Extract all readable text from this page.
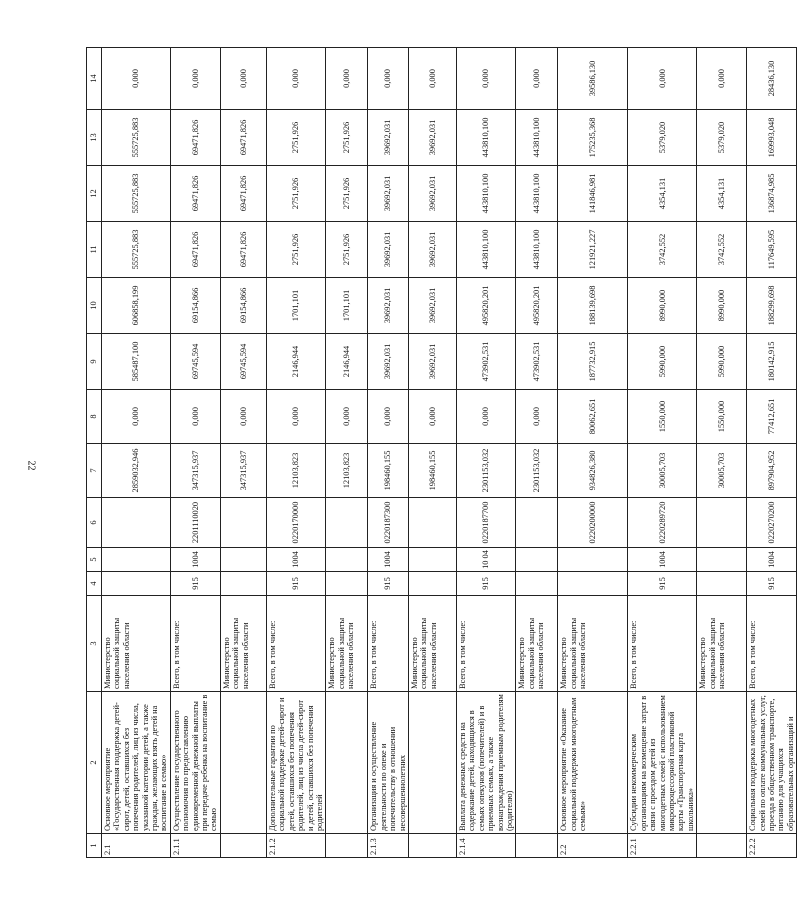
22
1	2	3	4	5	6	7	8	9	10	11	12	13	14
2.1	Основное мероприятие «Государственная поддержка детей-сирот, детей, оставшихся без попечения родителей, лиц из числа, указанной категории детей, а также граждан, желающих взять детей на воспитание в семью»	Министерство социальной защиты населения области				2859032,946	0,000	585487,100	606858,199	555725,883	555725,883	555725,883	0,000
2.1.1	Осуществление государственного полномочия по предоставлению единовременной денежной выплаты при передаче ребенка на воспитание в семью	Всего, в том числе:	915	1004	2201110020	347315,937	0,000	69745,594	69154,866	69471,826	69471,826	69471,826	0,000
		Министерство социальной защиты населения области				347315,937	0,000	69745,594	69154,866	69471,826	69471,826	69471,826	0,000
2.1.2	Дополнительные гарантии по социальной поддержке детей-сирот и детей, оставшихся без попечения родителей, лиц из числа детей-сирот и детей, оставшихся без попечения родителей	Всего, в том числе:	915	1004	0220170000	12103,823	0,000	2146,944	1701,101	2751,926	2751,926	2751,926	0,000
		Министерство социальной защиты населения области				12103,823	0,000	2146,944	1701,101	2751,926	2751,926	2751,926	0,000
2.1.3	Организация и осуществление деятельности по опеке и попечительству в отношении несовершеннолетних	Всего, в том числе:	915	1004	0220187300	198460,155	0,000	39692,031	39692,031	39692,031	39692,031	39692,031	0,000
		Министерство социальной защиты населения области				198460,155	0,000	39692,031	39692,031	39692,031	39692,031	39692,031	0,000
2.1.4	Выплата денежных средств на содержание детей, находящихся в семьях опекунов (попечителей) и в приемных семьях, а также вознаграждения приемным родителям (родителю)	Всего, в том числе:	915	10 04	0220187700	2301153,032	0,000	473902,531	495820,201	443810,100	443810,100	443810,100	0,000
		Министерство социальной защиты населения области				2301153,032	0,000	473902,531	495820,201	443810,100	443810,100	443810,100	0,000
2.2	Основное мероприятие «Оказание социальной поддержки многодетным семьям»	Министерство социальной защиты населения области			0220200000	934826,380	80062,651	187732,915	188139,698	121921,227	141846,981	175235,368	39586,130
2.2.1	Субсидии некоммерческим организациям на возмещение затрат в связи с проездом детей из многодетных семей с использованием микропроцессорной пластиковой карты «Транспортная карта школьника»	Всего, в том числе:	915	1004	0220289720	30005,703	1550,000	5990,000	8990,000	3742,552	4354,131	5379,020	0,000
		Министерство социальной защиты населения области				30005,703	1550,000	5990,000	8990,000	3742,552	4354,131	5379,020	0,000
2.2.2	Социальная поддержка многодетных семей по оплате коммунальных услуг, проезда в общественном транспорте, питанию для учащихся образовательных организаций и	Всего, в том числе:	915	1004	0220270200	897904,952	77412,651	180142,915	188299,698	117649,595	136874,985	169993,048	28436,130
